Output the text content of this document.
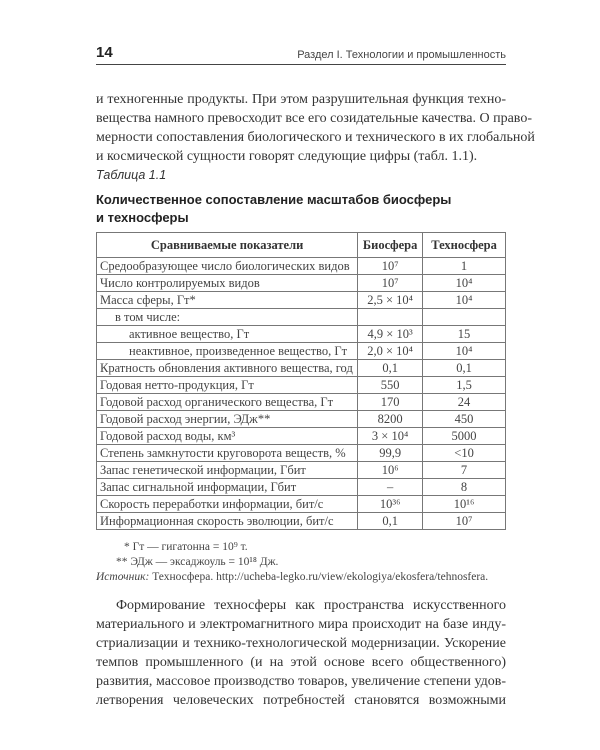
14	Раздел I. Технологии и промышленность
и техногенные продукты. При этом разрушительная функция техно-
вещества намного превосходит все его созидательные качества. О право-
мерности сопоставления биологического и технического в их глобальной
и космической сущности говорят следующие цифры (табл. 1.1).
Таблица 1.1
Количественное сопоставление масштабов биосферы
и техносферы
Сравниваемые показатели	Биосфера	Техносфера
Средообразующее число биологических видов	10⁷	1
Число контролируемых видов	10⁷	10⁴
Масса сферы, Гт*	2,5 × 10⁴	10⁴
в том числе:		
активное вещество, Гт	4,9 × 10³	15
неактивное, произведенное вещество, Гт	2,0 × 10⁴	10⁴
Кратность обновления активного вещества, год	0,1	0,1
Годовая нетто-продукция, Гт	550	1,5
Годовой расход органического вещества, Гт	170	24
Годовой расход энергии, ЭДж**	8200	450
Годовой расход воды, км³	3 × 10⁴	5000
Степень замкнутости круговорота веществ, %	99,9	<10
Запас генетической информации, Гбит	10⁶	7
Запас сигнальной информации, Гбит	–	8
Скорость переработки информации, бит/с	10³⁶	10¹⁶
Информационная скорость эволюции, бит/с	0,1	10⁷
* Гт — гигатонна = 10⁹ т.
** ЭДж — эксаджоуль = 10¹⁸ Дж.
Источник: Техносфера. http://ucheba-legko.ru/view/ekologiya/ekosfera/tehnosfera.
Формирование техносферы как пространства искусственного
материального и электромагнитного мира происходит на базе инду-
стриализации и технико-технологической модернизации. Ускорение
темпов промышленного (и на этой основе всего общественного)
развития, массовое производство товаров, увеличение степени удов-
летворения человеческих потребностей становятся возможными
